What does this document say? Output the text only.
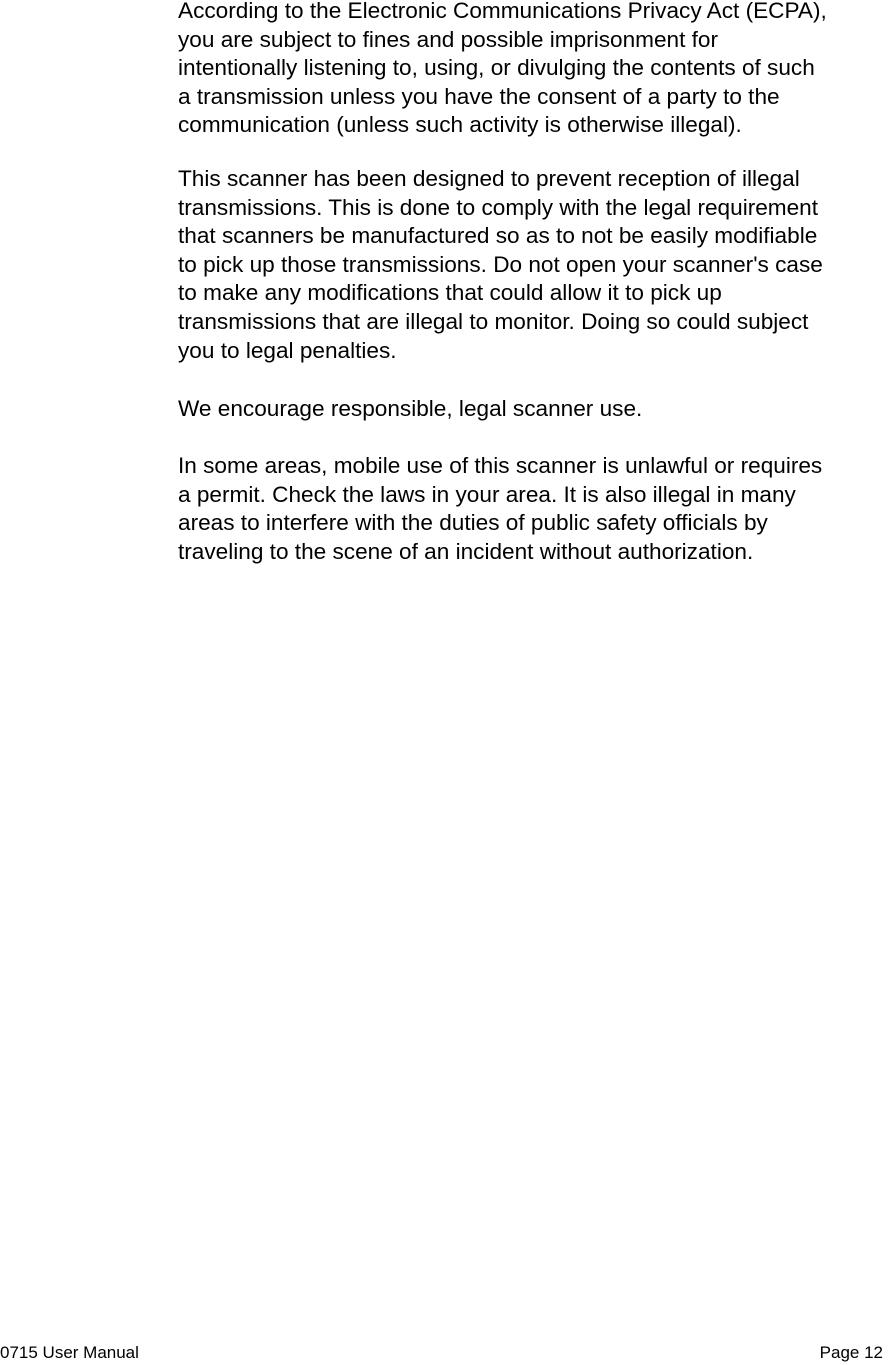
According to the Electronic Communications Privacy Act (ECPA),
you are subject to fines and possible imprisonment for
intentionally listening to, using, or divulging the contents of such
a transmission unless you have the consent of a party to the
communication (unless such activity is otherwise illegal).

This scanner has been designed to prevent reception of illegal
transmissions. This is done to comply with the legal requirement
that scanners be manufactured so as to not be easily modifiable
to pick up those transmissions. Do not open your scanner's case
to make any modifications that could allow it to pick up
transmissions that are illegal to monitor. Doing so could subject
you to legal penalties.

We encourage responsible, legal scanner use.

In some areas, mobile use of this scanner is unlawful or requires
a permit. Check the laws in your area. It is also illegal in many
areas to interfere with the duties of public safety officials by
traveling to the scene of an incident without authorization.

0715 User Manual	Page 12
